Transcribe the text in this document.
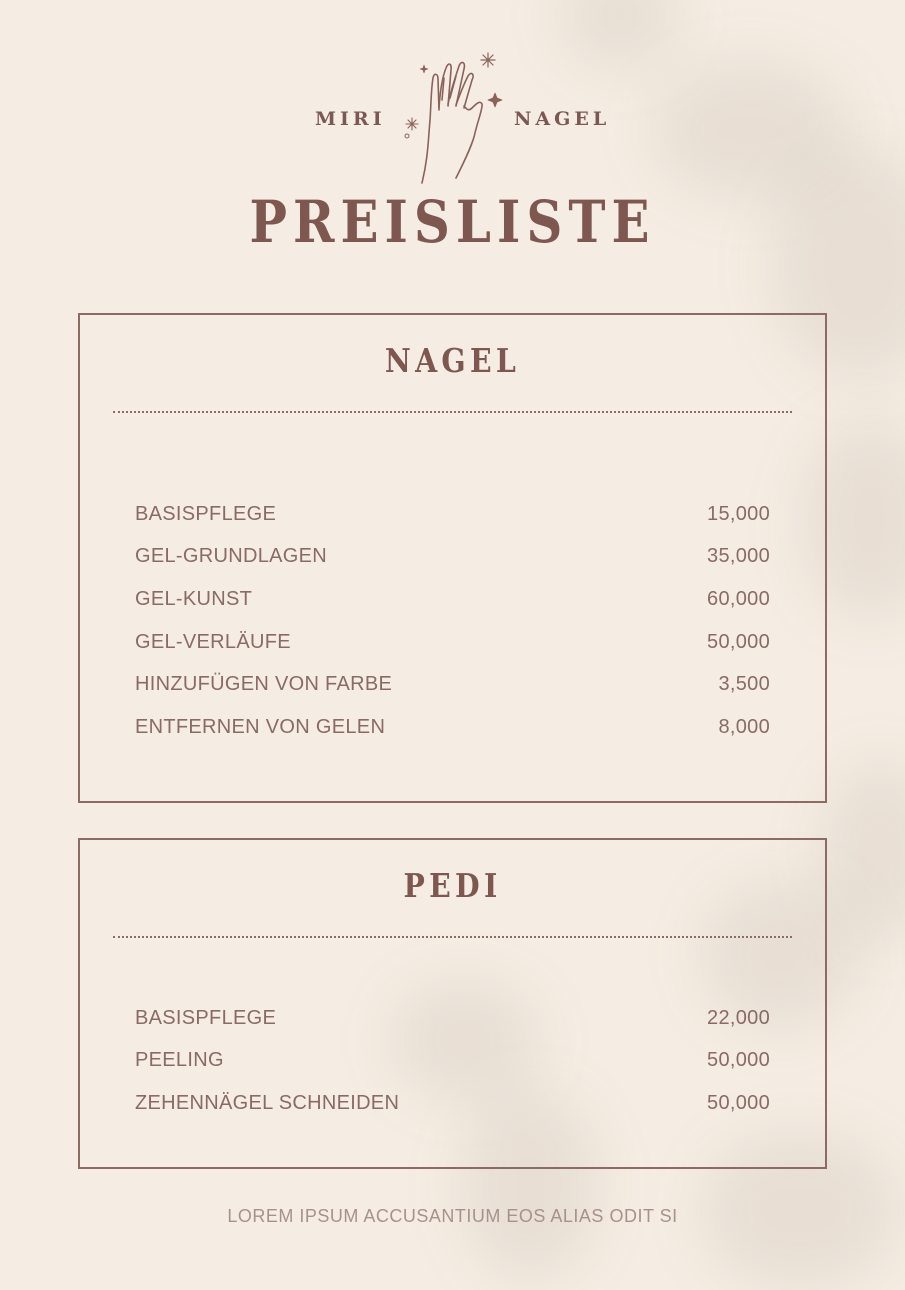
MIRI	NAGEL
PREISLISTE
NAGEL
BASISPFLEGE	15,000
GEL-GRUNDLAGEN	35,000
GEL-KUNST	60,000
GEL-VERLÄUFE	50,000
HINZUFÜGEN VON FARBE	3,500
ENTFERNEN VON GELEN	8,000
PEDI
BASISPFLEGE	22,000
PEELING	50,000
ZEHENNÄGEL SCHNEIDEN	50,000
LOREM IPSUM ACCUSANTIUM EOS ALIAS ODIT SI
